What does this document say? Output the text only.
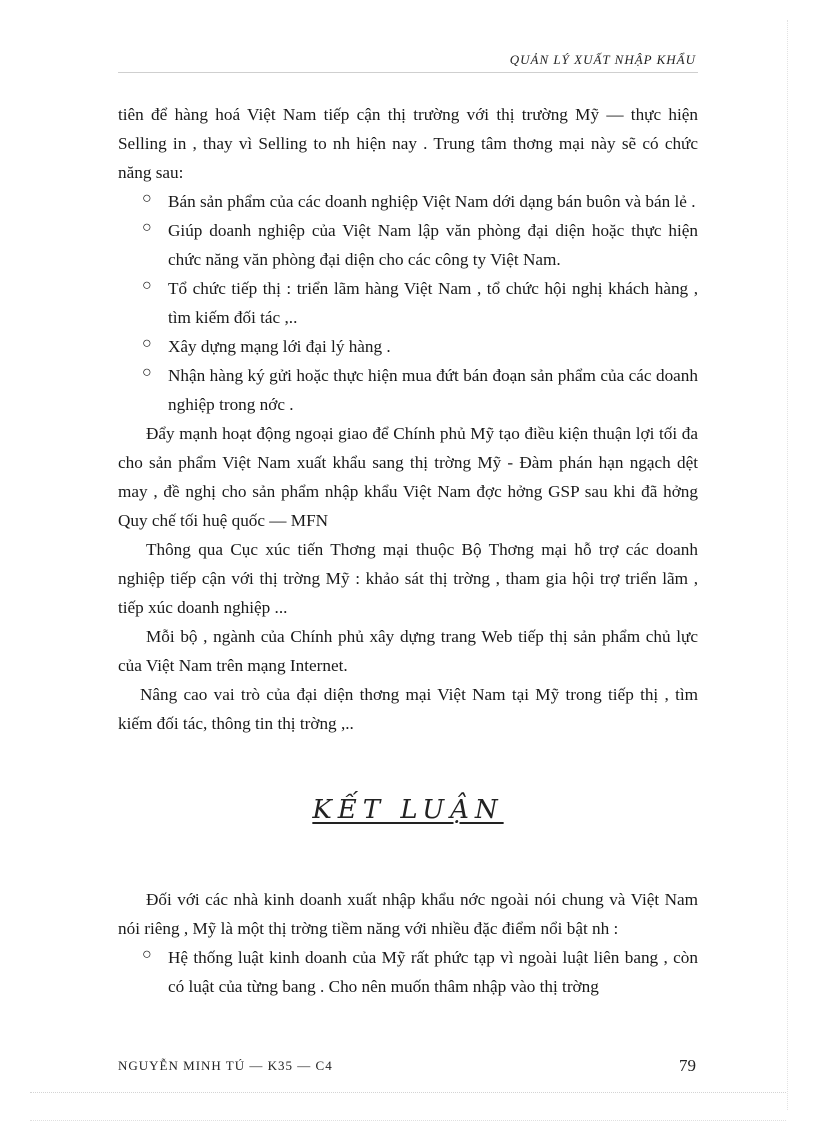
QUẢN LÝ XUẤT NHẬP KHẨU

tiên để hàng hoá Việt Nam tiếp cận thị trường với thị trường Mỹ — thực hiện Selling in , thay vì Selling to nh hiện nay . Trung tâm thơng mại này sẽ có chức năng sau:

○ Bán sản phẩm của các doanh nghiệp Việt Nam dới dạng bán buôn và bán lẻ .
○ Giúp doanh nghiệp của Việt Nam lập văn phòng đại diện hoặc thực hiện chức năng văn phòng đại diện cho các công ty Việt Nam.
○ Tổ chức tiếp thị : triển lãm hàng Việt Nam , tổ chức hội nghị khách hàng , tìm kiếm đối tác ,..
○ Xây dựng mạng lới đại lý hàng .
○ Nhận hàng ký gửi hoặc thực hiện mua đứt bán đoạn sản phẩm của các doanh nghiệp trong nớc .

Đẩy mạnh hoạt động ngoại giao để Chính phủ Mỹ tạo điều kiện thuận lợi tối đa cho sản phẩm Việt Nam xuất khẩu sang thị trờng Mỹ - Đàm phán hạn ngạch dệt may , đề nghị cho sản phẩm nhập khẩu Việt Nam đợc hởng GSP sau khi đã hởng Quy chế tối huệ quốc — MFN

Thông qua Cục xúc tiến Thơng mại thuộc Bộ Thơng mại hỗ trợ các doanh nghiệp tiếp cận với thị trờng Mỹ : khảo sát thị trờng , tham gia hội trợ triển lãm , tiếp xúc doanh nghiệp ...

Mỗi bộ , ngành của Chính phủ xây dựng trang Web tiếp thị sản phẩm chủ lực của Việt Nam trên mạng Internet.

Nâng cao vai trò của đại diện thơng mại Việt Nam tại Mỹ trong tiếp thị , tìm kiếm đối tác, thông tin thị trờng ,..

KẾT LUẬN

Đối với các nhà kinh doanh xuất nhập khẩu nớc ngoài nói chung và Việt Nam nói riêng , Mỹ là một thị trờng tiềm năng với nhiều đặc điểm nổi bật nh :

○ Hệ thống luật kinh doanh của Mỹ rất phức tạp vì ngoài luật liên bang , còn có luật của từng bang . Cho nên muốn thâm nhập vào thị trờng
NGUYỄN MINH TÚ — K35 — C4	79
